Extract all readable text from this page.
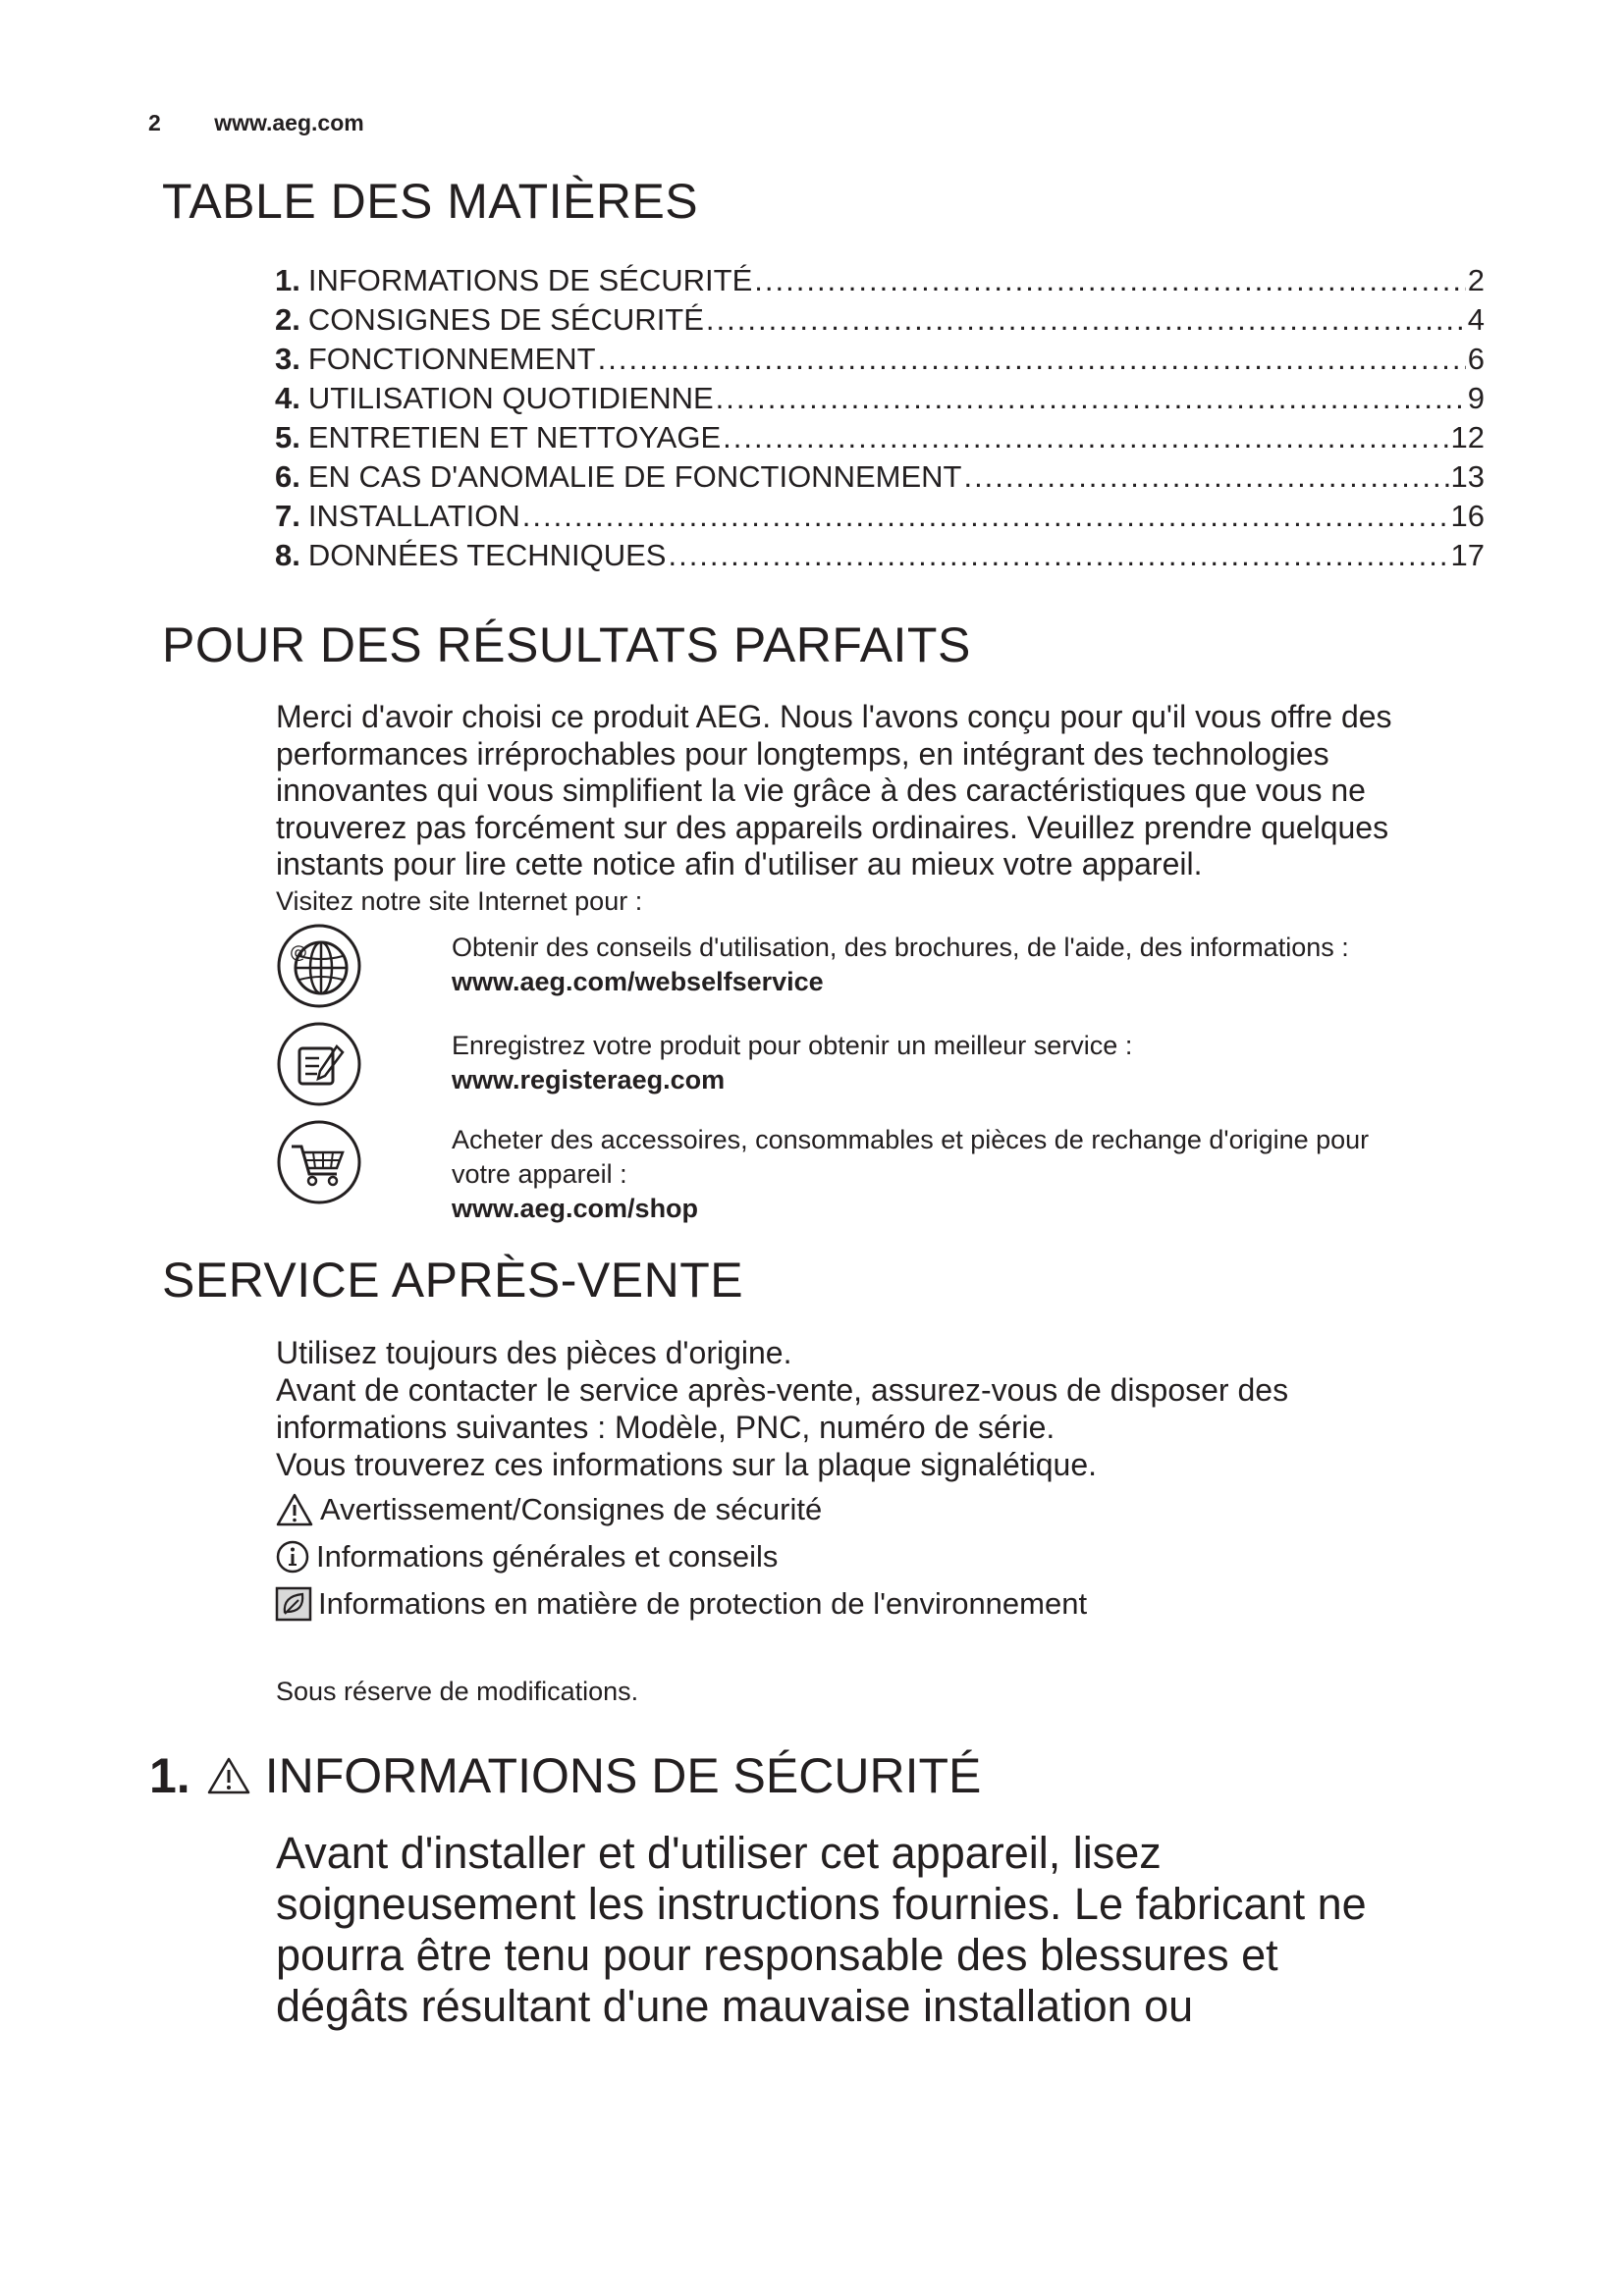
2 www.aeg.com
TABLE DES MATIÈRES
1. INFORMATIONS DE SÉCURITÉ .....	2
2. CONSIGNES DE SÉCURITÉ .....	4
3. FONCTIONNEMENT .....	6
4. UTILISATION QUOTIDIENNE .....	9
5. ENTRETIEN ET NETTOYAGE .....	12
6. EN CAS D'ANOMALIE DE FONCTIONNEMENT .....	13
7. INSTALLATION .....	16
8. DONNÉES TECHNIQUES .....	17
POUR DES RÉSULTATS PARFAITS
Merci d'avoir choisi ce produit AEG. Nous l'avons conçu pour qu'il vous offre des
performances irréprochables pour longtemps, en intégrant des technologies
innovantes qui vous simplifient la vie grâce à des caractéristiques que vous ne
trouverez pas forcément sur des appareils ordinaires. Veuillez prendre quelques
instants pour lire cette notice afin d'utiliser au mieux votre appareil.
Visitez notre site Internet pour :
@	Obtenir des conseils d'utilisation, des brochures, de l'aide, des informations :
www.aeg.com/webselfservice
Enregistrez votre produit pour obtenir un meilleur service :
www.registeraeg.com
Acheter des accessoires, consommables et pièces de rechange d'origine pour
votre appareil :
www.aeg.com/shop
SERVICE APRÈS-VENTE
Utilisez toujours des pièces d'origine.
Avant de contacter le service après-vente, assurez-vous de disposer des
informations suivantes : Modèle, PNC, numéro de série.
Vous trouverez ces informations sur la plaque signalétique.
Avertissement/Consignes de sécurité
Informations générales et conseils
Informations en matière de protection de l'environnement
Sous réserve de modifications.
1. INFORMATIONS DE SÉCURITÉ
Avant d'installer et d'utiliser cet appareil, lisez
soigneusement les instructions fournies. Le fabricant ne
pourra être tenu pour responsable des blessures et
dégâts résultant d'une mauvaise installation ou
